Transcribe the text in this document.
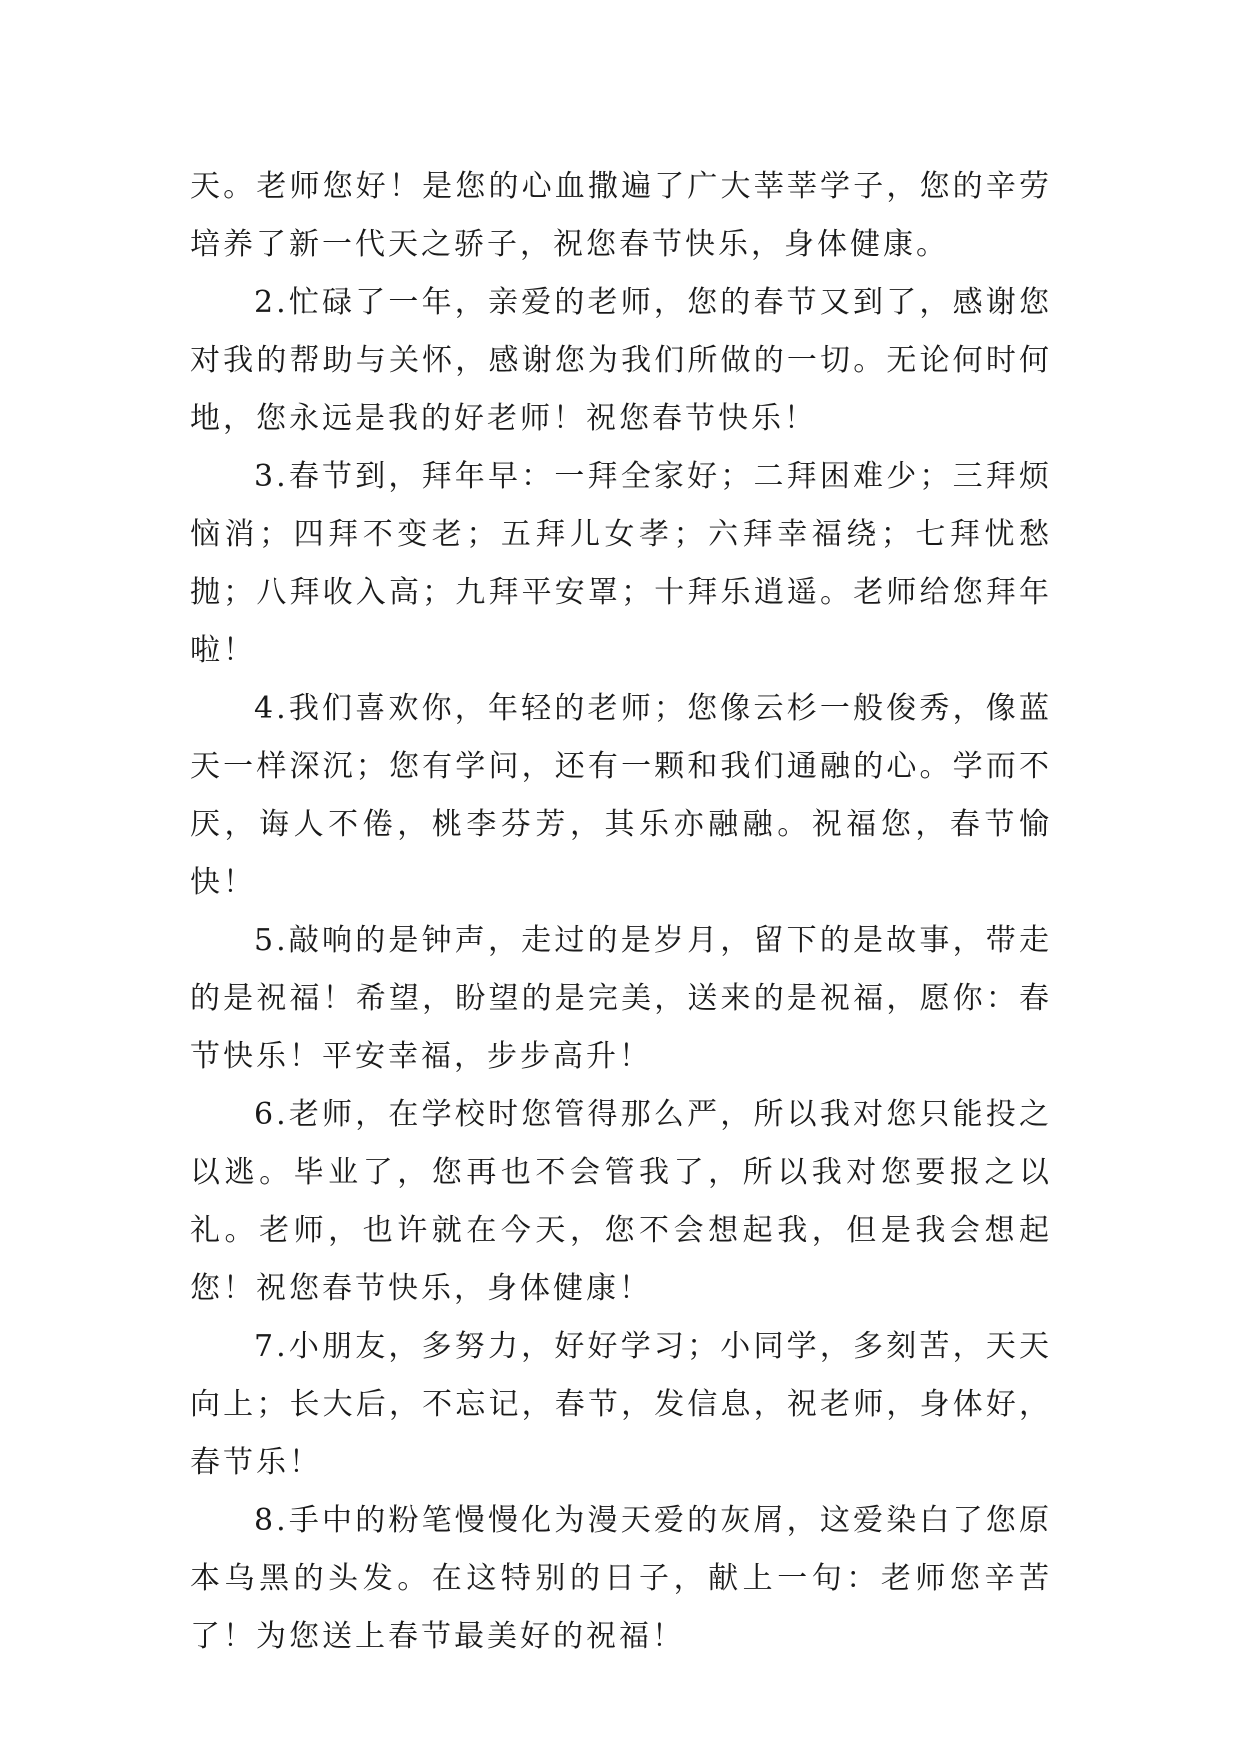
天。老师您好！是您的心血撒遍了广大莘莘学子，您的辛劳培养了新一代天之骄子，祝您春节快乐，身体健康。

2.忙碌了一年，亲爱的老师，您的春节又到了，感谢您对我的帮助与关怀，感谢您为我们所做的一切。无论何时何地，您永远是我的好老师！祝您春节快乐！

3.春节到，拜年早：一拜全家好；二拜困难少；三拜烦恼消；四拜不变老；五拜儿女孝；六拜幸福绕；七拜忧愁抛；八拜收入高；九拜平安罩；十拜乐逍遥。老师给您拜年啦！

4.我们喜欢你，年轻的老师；您像云杉一般俊秀，像蓝天一样深沉；您有学问，还有一颗和我们通融的心。学而不厌，诲人不倦，桃李芬芳，其乐亦融融。祝福您，春节愉快！

5.敲响的是钟声，走过的是岁月，留下的是故事，带走的是祝福！希望，盼望的是完美，送来的是祝福，愿你：春节快乐！平安幸福，步步高升！

6.老师，在学校时您管得那么严，所以我对您只能投之以逃。毕业了，您再也不会管我了，所以我对您要报之以礼。老师，也许就在今天，您不会想起我，但是我会想起您！祝您春节快乐，身体健康！

7.小朋友，多努力，好好学习；小同学，多刻苦，天天向上；长大后，不忘记，春节，发信息，祝老师，身体好，春节乐！

8.手中的粉笔慢慢化为漫天爱的灰屑，这爱染白了您原本乌黑的头发。在这特别的日子，献上一句：老师您辛苦了！为您送上春节最美好的祝福！
